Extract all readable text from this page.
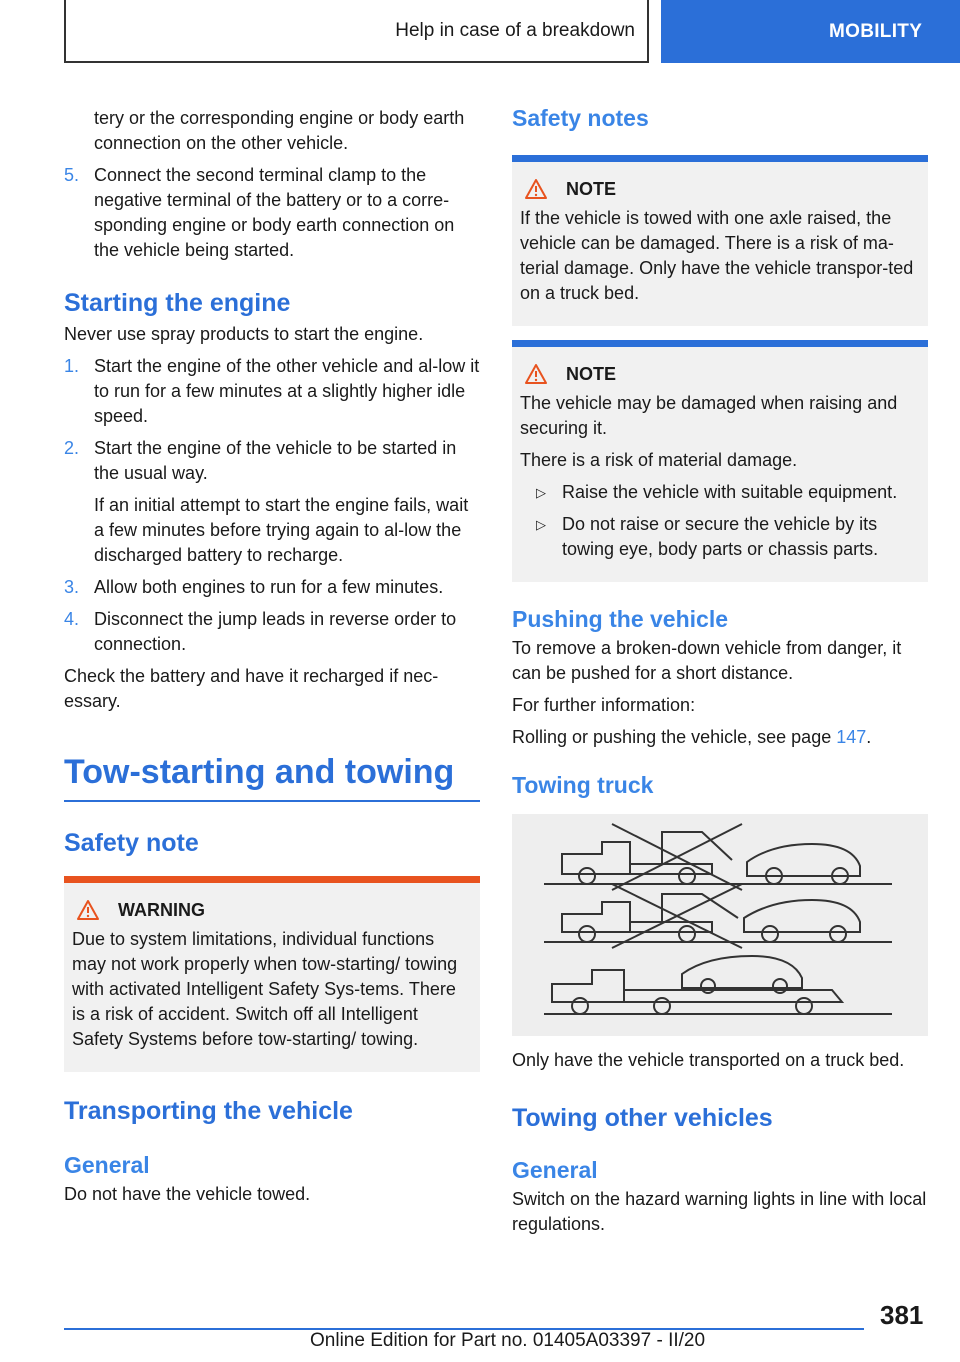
Help in case of a breakdown	MOBILITY

tery or the corresponding engine or body earth connection on the other vehicle.

5. Connect the second terminal clamp to the negative terminal of the battery or to a corre-sponding engine or body earth connection on the vehicle being started.
Starting the engine

Never use spray products to start the engine.

1. Start the engine of the other vehicle and al-low it to run for a few minutes at a slightly higher idle speed.
2. Start the engine of the vehicle to be started in the usual way.

If an initial attempt to start the engine fails, wait a few minutes before trying again to al-low the discharged battery to recharge.

3. Allow both engines to run for a few minutes.
4. Disconnect the jump leads in reverse order to connection.

Check the battery and have it recharged if nec-essary.

Tow-starting and towing
Safety note
WARNING

Due to system limitations, individual functions may not work properly when tow-starting/ towing with activated Intelligent Safety Sys-tems. There is a risk of accident. Switch off all Intelligent Safety Systems before tow-starting/ towing.

Transporting the vehicle
General

Do not have the vehicle towed.

Safety notes
NOTE

If the vehicle is towed with one axle raised, the vehicle can be damaged. There is a risk of ma-terial damage. Only have the vehicle transpor-ted on a truck bed.

NOTE

The vehicle may be damaged when raising and securing it.

There is a risk of material damage.

▷ Raise the vehicle with suitable equipment.
▷ Do not raise or secure the vehicle by its towing eye, body parts or chassis parts.
Pushing the vehicle

To remove a broken-down vehicle from danger, it can be pushed for a short distance.

For further information:

Rolling or pushing the vehicle, see page 147.

Towing truck

Only have the vehicle transported on a truck bed.

Towing other vehicles
General

Switch on the hazard warning lights in line with local regulations.

381
Online Edition for Part no. 01405A03397 - II/20
